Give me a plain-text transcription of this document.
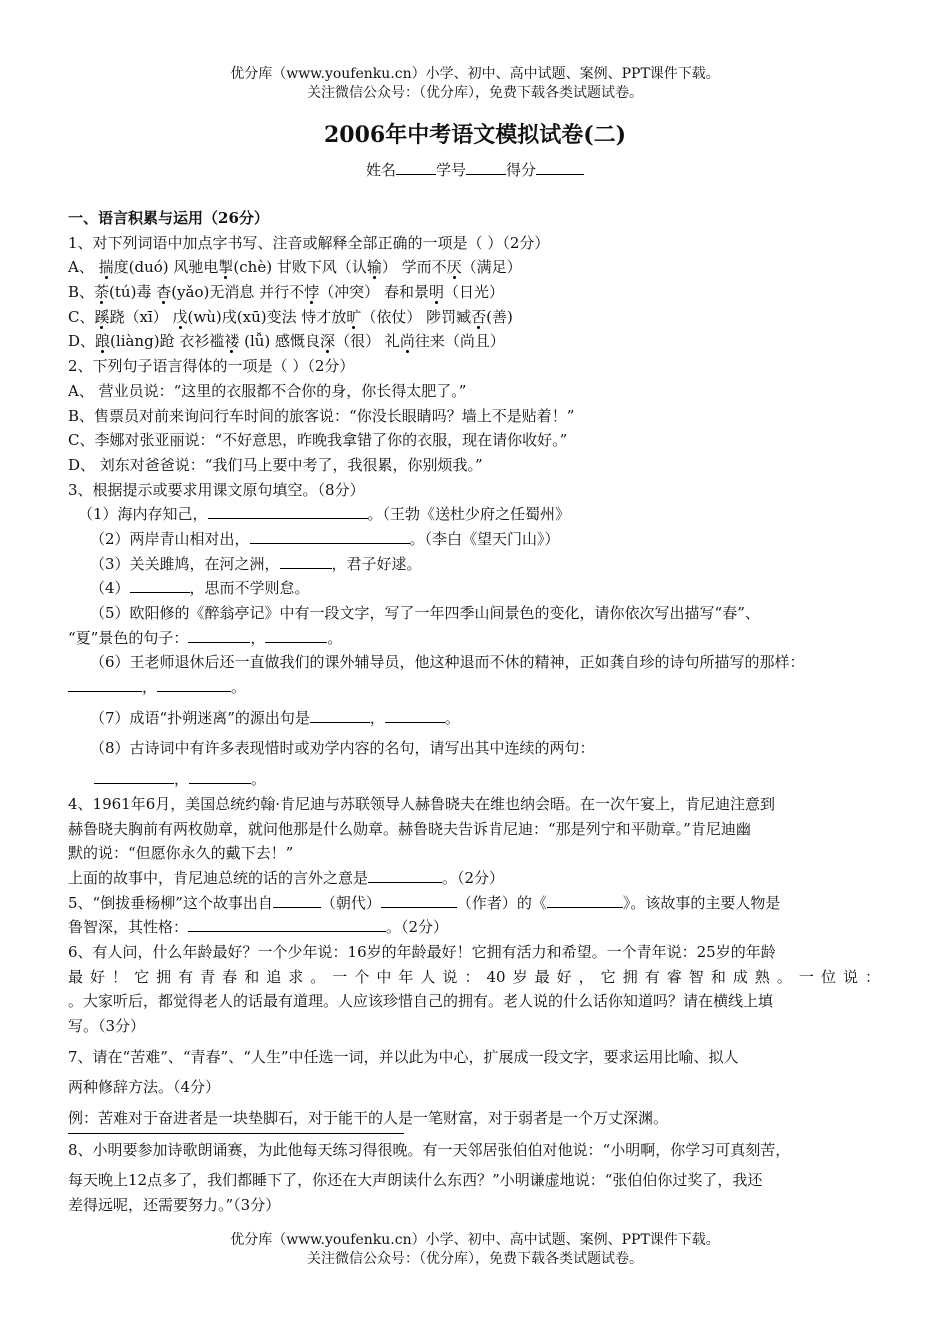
优分库（www.youfenku.cn）小学、初中、高中试题、案例、PPT课件下载。
关注微信公众号：（优分库），免费下载各类试题试卷。
2006年中考语文模拟试卷(二)
姓名	学号	得分
一、语言积累与运用（26分）
1、对下列词语中加点字书写、注音或解释全部正确的一项是（ ）（2分）
A、 揣度(duó) 风驰电掣(chè) 甘败下风（认输） 学而不厌（满足）
B、荼(tú)毒 杳(yǎo)无消息 并行不悖（冲突） 春和景明（日光）
C、蹊跷（xī） 戊(wù)戌(xū)变法 恃才放旷（依仗） 陟罚臧否(善)
D、踉(liàng)跄 衣衫褴褛 (lǚ) 感慨良深（很） 礼尚往来（尚且）
2、下列句子语言得体的一项是（ ）（2分）
A、 营业员说：“这里的衣服都不合你的身，你长得太肥了。”
B、售票员对前来询问行车时间的旅客说：“你没长眼睛吗？墙上不是贴着！”
C、李娜对张亚丽说：“不好意思，昨晚我拿错了你的衣服，现在请你收好。”
D、 刘东对爸爸说：“我们马上要中考了，我很累，你别烦我。”
3、根据提示或要求用课文原句填空。（8分）
（1）海内存知己，	。（王勃《送杜少府之任蜀州》
（2）两岸青山相对出，	。（李白《望天门山》）
（3）关关雎鸠，在河之洲，	，君子好逑。
（4）	，思而不学则怠。
（5）欧阳修的《醉翁亭记》中有一段文字，写了一年四季山间景色的变化，请你依次写出描写“春”、
“夏”景色的句子：	，	。
（6）王老师退休后还一直做我们的课外辅导员，他这种退而不休的精神，正如龚自珍的诗句所描写的那样：
，	。
（7）成语“扑朔迷离”的源出句是	，	。
（8）古诗词中有许多表现惜时或劝学内容的名句，请写出其中连续的两句：
，	。
4、1961年6月，美国总统约翰·肯尼迪与苏联领导人赫鲁晓夫在维也纳会晤。在一次午宴上，肯尼迪注意到
赫鲁晓夫胸前有两枚勋章，就问他那是什么勋章。赫鲁晓夫告诉肯尼迪：“那是列宁和平勋章。”肯尼迪幽
默的说：“但愿你永久的戴下去！”
上面的故事中，肯尼迪总统的话的言外之意是	。（2分）
5、“倒拔垂杨柳”这个故事出自	（朝代）	（作者）的《	》。该故事的主要人物是
鲁智深，其性格：	。（2分）
6、有人问，什么年龄最好？一个少年说：16岁的年龄最好！它拥有活力和希望。一个青年说：25岁的年龄
最好！它拥有青春和追求。一个中年人说：40岁最好，它拥有睿智和成熟。一位说：
。大家听后，都觉得老人的话最有道理。人应该珍惜自己的拥有。老人说的什么话你知道吗？请在横线上填
写。（3分）
7、请在“苦难”、“青春”、“人生”中任选一词，并以此为中心，扩展成一段文字，要求运用比喻、拟人
两种修辞方法。（4分）
例：苦难对于奋进者是一块垫脚石，对于能干的人是一笔财富，对于弱者是一个万丈深渊。
8、小明要参加诗歌朗诵赛，为此他每天练习得很晚。有一天邻居张伯伯对他说：“小明啊，你学习可真刻苦，
每天晚上12点多了，我们都睡下了，你还在大声朗读什么东西？”小明谦虚地说：“张伯伯你过奖了，我还
差得远呢，还需要努力。”（3分）
优分库（www.youfenku.cn）小学、初中、高中试题、案例、PPT课件下载。
关注微信公众号：（优分库），免费下载各类试题试卷。
